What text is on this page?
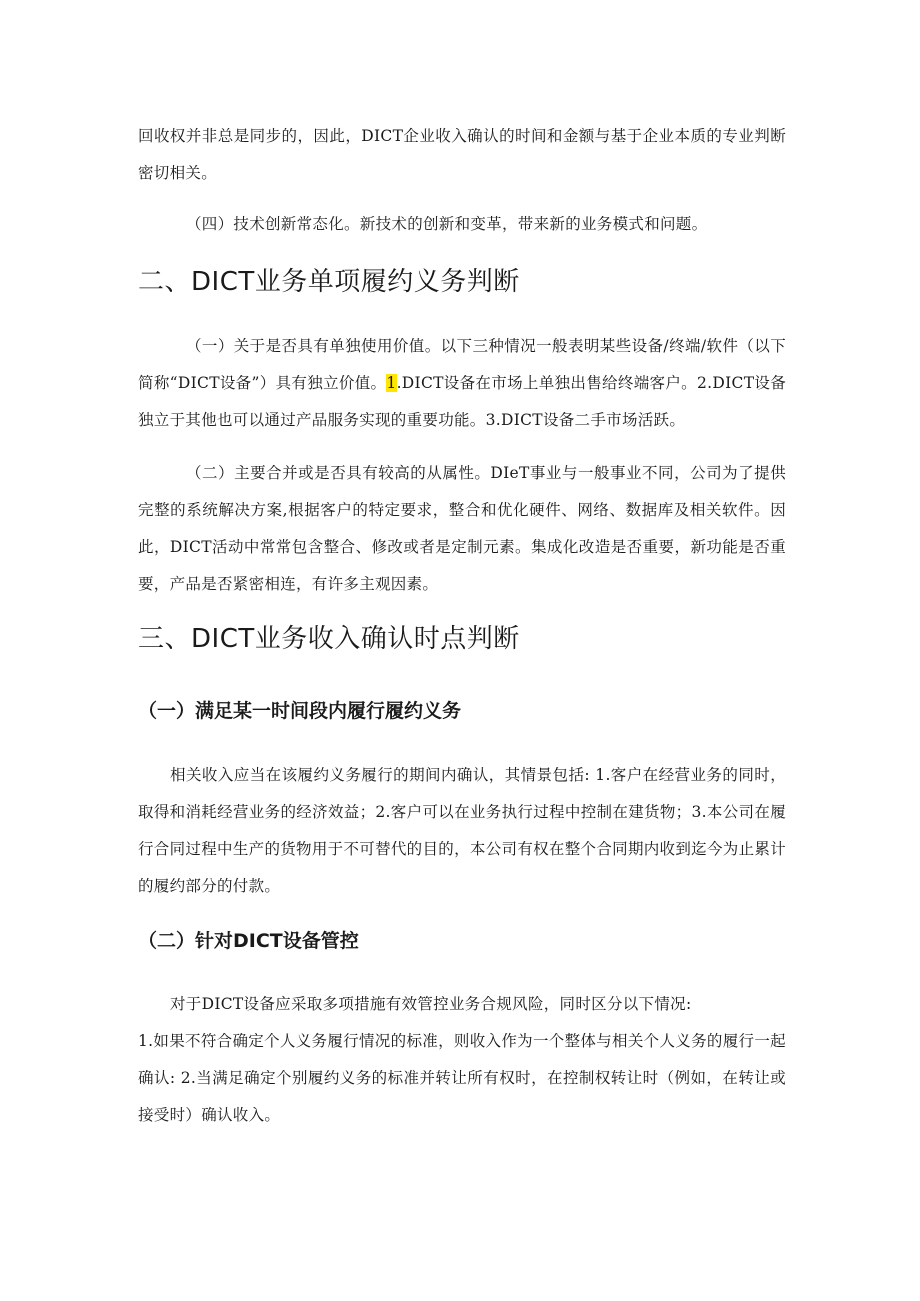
回收权并非总是同步的，因此，DICT企业收入确认的时间和金额与基于企业本质的专业判断密切相关。

（四）技术创新常态化。新技术的创新和变革，带来新的业务模式和问题。

二、DICT业务单项履约义务判断

（一）关于是否具有单独使用价值。以下三种情况一般表明某些设备/终端/软件（以下简称“DICT设备”）具有独立价值。1.DICT设备在市场上单独出售给终端客户。2.DICT设备独立于其他也可以通过产品服务实现的重要功能。3.DICT设备二手市场活跃。

（二）主要合并或是否具有较高的从属性。DIeT事业与一般事业不同，公司为了提供完整的系统解决方案,根据客户的特定要求，整合和优化硬件、网络、数据库及相关软件。因此，DICT活动中常常包含整合、修改或者是定制元素。集成化改造是否重要，新功能是否重要，产品是否紧密相连，有许多主观因素。

三、DICT业务收入确认时点判断
（一）满足某一时间段内履行履约义务

相关收入应当在该履约义务履行的期间内确认，其情景包括: 1.客户在经营业务的同时，取得和消耗经营业务的经济效益；2.客户可以在业务执行过程中控制在建货物；3.本公司在履行合同过程中生产的货物用于不可替代的目的，本公司有权在整个合同期内收到迄今为止累计的履约部分的付款。

（二）针对DICT设备管控

对于DICT设备应采取多项措施有效管控业务合规风险，同时区分以下情况:

1.如果不符合确定个人义务履行情况的标准，则收入作为一个整体与相关个人义务的履行一起确认: 2.当满足确定个别履约义务的标准并转让所有权时，在控制权转让时（例如，在转让或接受时）确认收入。
